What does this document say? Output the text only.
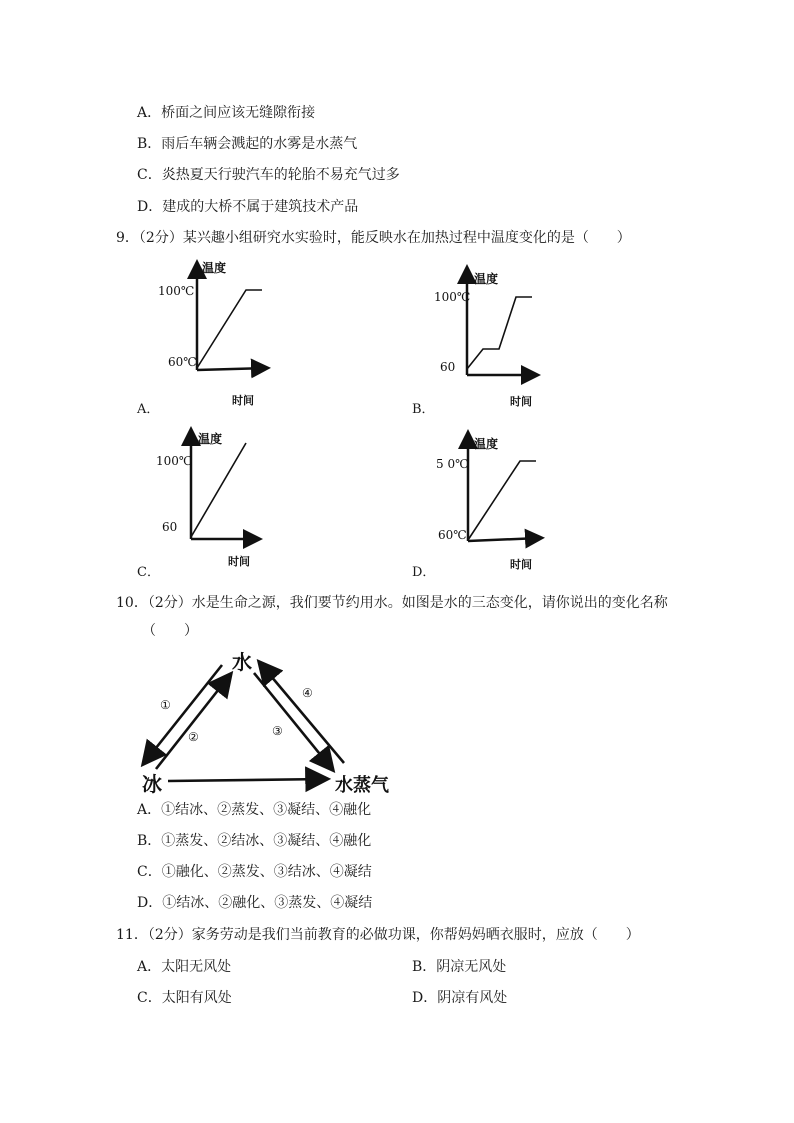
A．桥面之间应该无缝隙衔接
B．雨后车辆会溅起的水雾是水蒸气
C．炎热夏天行驶汽车的轮胎不易充气过多
D．建成的大桥不属于建筑技术产品
9．（2分）某兴趣小组研究水实验时，能反映水在加热过程中温度变化的是（　　）
温度
100℃
60℃
时间
A．
温度
100℃
60
时间
B．
温度
100℃
60
时间
C．
温度
5 0℃
60℃
时间
D．
10．（2分）水是生命之源，我们要节约用水。如图是水的三态变化，请你说出的变化名称
（　　）
水
冰	水蒸气
①
②	③
④
A．①结冰、②蒸发、③凝结、④融化
B．①蒸发、②结冰、③凝结、④融化
C．①融化、②蒸发、③结冰、④凝结
D．①结冰、②融化、③蒸发、④凝结
11．（2分）家务劳动是我们当前教育的必做功课，你帮妈妈晒衣服时，应放（　　）
A．太阳无风处	B．阴凉无风处
C．太阳有风处	D．阴凉有风处
